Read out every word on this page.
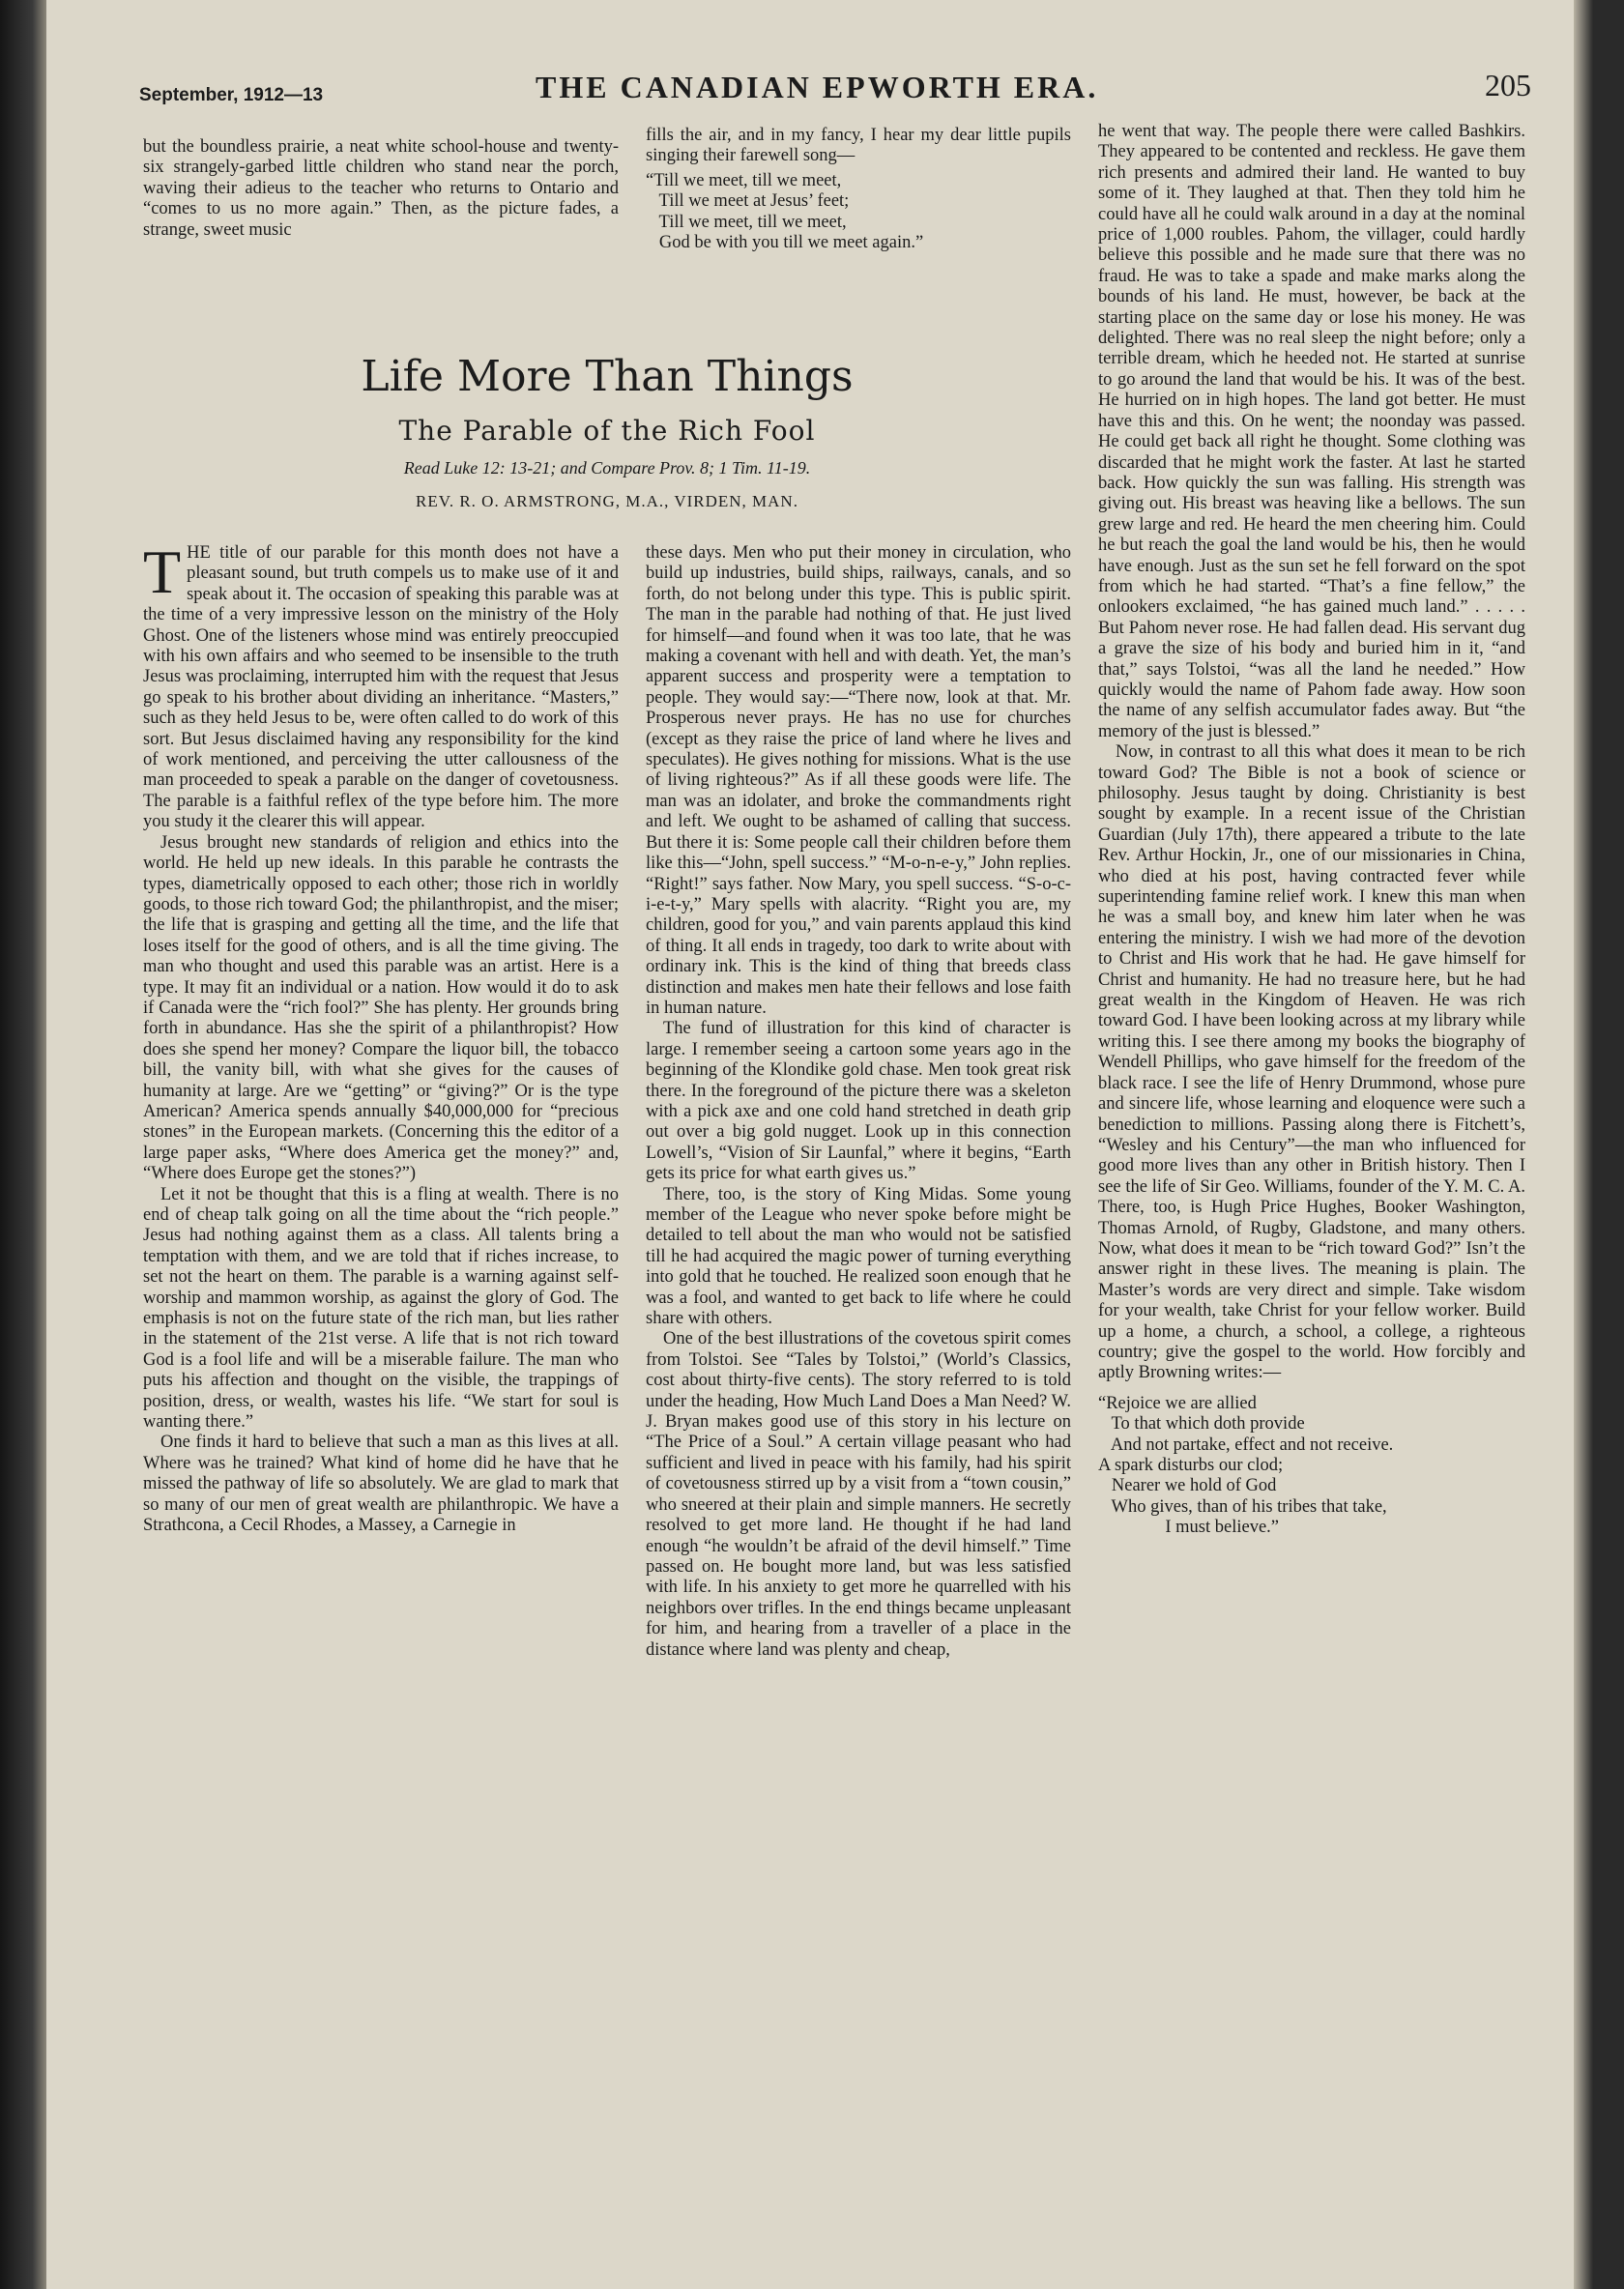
September, 1912—13	THE CANADIAN EPWORTH ERA.	205

but the boundless prairie, a neat white school-house and twenty-six strangely-garbed little children who stand near the porch, waving their adieus to the teacher who returns to Ontario and “comes to us no more again.” Then, as the picture fades, a strange, sweet music

fills the air, and in my fancy, I hear my dear little pupils singing their farewell song—

“Till we meet, till we meet,
Till we meet at Jesus’ feet;
Till we meet, till we meet,
God be with you till we meet again.”
Life More Than Things
The Parable of the Rich Fool
Read Luke 12: 13-21; and Compare Prov. 8; 1 Tim. 11-19.
REV. R. O. ARMSTRONG, M.A., VIRDEN, MAN.

THE title of our parable for this month does not have a pleasant sound, but truth compels us to make use of it and speak about it. The occasion of speaking this parable was at the time of a very impressive lesson on the ministry of the Holy Ghost. One of the listeners whose mind was entirely preoccupied with his own affairs and who seemed to be insensible to the truth Jesus was proclaiming, interrupted him with the request that Jesus go speak to his brother about dividing an inheritance. “Masters,” such as they held Jesus to be, were often called to do work of this sort. But Jesus disclaimed having any responsibility for the kind of work mentioned, and perceiving the utter callousness of the man proceeded to speak a parable on the danger of covetousness. The parable is a faithful reflex of the type before him. The more you study it the clearer this will appear.

Jesus brought new standards of religion and ethics into the world. He held up new ideals. In this parable he contrasts the types, diametrically opposed to each other; those rich in worldly goods, to those rich toward God; the philanthropist, and the miser; the life that is grasping and getting all the time, and the life that loses itself for the good of others, and is all the time giving. The man who thought and used this parable was an artist. Here is a type. It may fit an individual or a nation. How would it do to ask if Canada were the “rich fool?” She has plenty. Her grounds bring forth in abundance. Has she the spirit of a philanthropist? How does she spend her money? Compare the liquor bill, the tobacco bill, the vanity bill, with what she gives for the causes of humanity at large. Are we “getting” or “giving?” Or is the type American? America spends annually $40,000,000 for “precious stones” in the European markets. (Concerning this the editor of a large paper asks, “Where does America get the money?” and, “Where does Europe get the stones?”)

Let it not be thought that this is a fling at wealth. There is no end of cheap talk going on all the time about the “rich people.” Jesus had nothing against them as a class. All talents bring a temptation with them, and we are told that if riches increase, to set not the heart on them. The parable is a warning against self-worship and mammon worship, as against the glory of God. The emphasis is not on the future state of the rich man, but lies rather in the statement of the 21st verse. A life that is not rich toward God is a fool life and will be a miserable failure. The man who puts his affection and thought on the visible, the trappings of position, dress, or wealth, wastes his life. “We start for soul is wanting there.”

One finds it hard to believe that such a man as this lives at all. Where was he trained? What kind of home did he have that he missed the pathway of life so absolutely. We are glad to mark that so many of our men of great wealth are philanthropic. We have a Strathcona, a Cecil Rhodes, a Massey, a Carnegie in

these days. Men who put their money in circulation, who build up industries, build ships, railways, canals, and so forth, do not belong under this type. This is public spirit. The man in the parable had nothing of that. He just lived for himself—and found when it was too late, that he was making a covenant with hell and with death. Yet, the man’s apparent success and prosperity were a temptation to people. They would say:—“There now, look at that. Mr. Prosperous never prays. He has no use for churches (except as they raise the price of land where he lives and speculates). He gives nothing for missions. What is the use of living righteous?” As if all these goods were life. The man was an idolater, and broke the commandments right and left. We ought to be ashamed of calling that success. But there it is: Some people call their children before them like this—“John, spell success.” “M-o-n-e-y,” John replies. “Right!” says father. Now Mary, you spell success. “S-o-c-i-e-t-y,” Mary spells with alacrity. “Right you are, my children, good for you,” and vain parents applaud this kind of thing. It all ends in tragedy, too dark to write about with ordinary ink. This is the kind of thing that breeds class distinction and makes men hate their fellows and lose faith in human nature.

The fund of illustration for this kind of character is large. I remember seeing a cartoon some years ago in the beginning of the Klondike gold chase. Men took great risk there. In the foreground of the picture there was a skeleton with a pick axe and one cold hand stretched in death grip out over a big gold nugget. Look up in this connection Lowell’s, “Vision of Sir Launfal,” where it begins, “Earth gets its price for what earth gives us.”

There, too, is the story of King Midas. Some young member of the League who never spoke before might be detailed to tell about the man who would not be satisfied till he had acquired the magic power of turning everything into gold that he touched. He realized soon enough that he was a fool, and wanted to get back to life where he could share with others.

One of the best illustrations of the covetous spirit comes from Tolstoi. See “Tales by Tolstoi,” (World’s Classics, cost about thirty-five cents). The story referred to is told under the heading, How Much Land Does a Man Need? W. J. Bryan makes good use of this story in his lecture on “The Price of a Soul.” A certain village peasant who had sufficient and lived in peace with his family, had his spirit of covetousness stirred up by a visit from a “town cousin,” who sneered at their plain and simple manners. He secretly resolved to get more land. He thought if he had land enough “he wouldn’t be afraid of the devil himself.” Time passed on. He bought more land, but was less satisfied with life. In his anxiety to get more he quarrelled with his neighbors over trifles. In the end things became unpleasant for him, and hearing from a traveller of a place in the distance where land was plenty and cheap,

he went that way. The people there were called Bashkirs. They appeared to be contented and reckless. He gave them rich presents and admired their land. He wanted to buy some of it. They laughed at that. Then they told him he could have all he could walk around in a day at the nominal price of 1,000 roubles. Pahom, the villager, could hardly believe this possible and he made sure that there was no fraud. He was to take a spade and make marks along the bounds of his land. He must, however, be back at the starting place on the same day or lose his money. He was delighted. There was no real sleep the night before; only a terrible dream, which he heeded not. He started at sunrise to go around the land that would be his. It was of the best. He hurried on in high hopes. The land got better. He must have this and this. On he went; the noonday was passed. He could get back all right he thought. Some clothing was discarded that he might work the faster. At last he started back. How quickly the sun was falling. His strength was giving out. His breast was heaving like a bellows. The sun grew large and red. He heard the men cheering him. Could he but reach the goal the land would be his, then he would have enough. Just as the sun set he fell forward on the spot from which he had started. “That’s a fine fellow,” the onlookers exclaimed, “he has gained much land.” . . . . . But Pahom never rose. He had fallen dead. His servant dug a grave the size of his body and buried him in it, “and that,” says Tolstoi, “was all the land he needed.” How quickly would the name of Pahom fade away. How soon the name of any selfish accumulator fades away. But “the memory of the just is blessed.”

Now, in contrast to all this what does it mean to be rich toward God? The Bible is not a book of science or philosophy. Jesus taught by doing. Christianity is best sought by example. In a recent issue of the Christian Guardian (July 17th), there appeared a tribute to the late Rev. Arthur Hockin, Jr., one of our missionaries in China, who died at his post, having contracted fever while superintending famine relief work. I knew this man when he was a small boy, and knew him later when he was entering the ministry. I wish we had more of the devotion to Christ and His work that he had. He gave himself for Christ and humanity. He had no treasure here, but he had great wealth in the Kingdom of Heaven. He was rich toward God. I have been looking across at my library while writing this. I see there among my books the biography of Wendell Phillips, who gave himself for the freedom of the black race. I see the life of Henry Drummond, whose pure and sincere life, whose learning and eloquence were such a benediction to millions. Passing along there is Fitchett’s, “Wesley and his Century”—the man who influenced for good more lives than any other in British history. Then I see the life of Sir Geo. Williams, founder of the Y. M. C. A. There, too, is Hugh Price Hughes, Booker Washington, Thomas Arnold, of Rugby, Gladstone, and many others. Now, what does it mean to be “rich toward God?” Isn’t the answer right in these lives. The meaning is plain. The Master’s words are very direct and simple. Take wisdom for your wealth, take Christ for your fellow worker. Build up a home, a church, a school, a college, a righteous country; give the gospel to the world. How forcibly and aptly Browning writes:—

“Rejoice we are allied
To that which doth provide
And not partake, effect and not receive.
A spark disturbs our clod;
Nearer we hold of God
Who gives, than of his tribes that take,
I must believe.”
